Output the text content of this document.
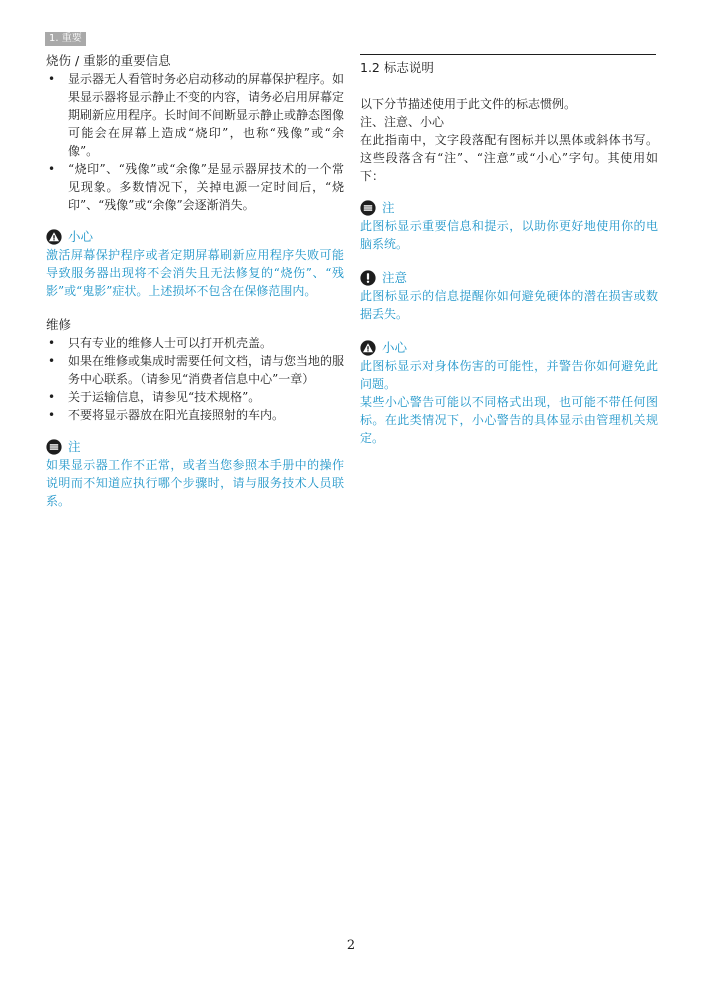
1. 重要

烧伤 / 重影的重要信息

• 显示器无人看管时务必启动移动的屏幕保护程序。如果显示器将显示静止不变的内容，请务必启用屏幕定期刷新应用程序。长时间不间断显示静止或静态图像可能会在屏幕上造成“烧印”，也称“残像”或“余像”。
• “烧印”、“残像”或“余像”是显示器屏技术的一个常见现象。多数情况下，关掉电源一定时间后，“烧印”、“残像”或“余像”会逐渐消失。
小心

激活屏幕保护程序或者定期屏幕刷新应用程序失败可能导致服务器出现将不会消失且无法修复的“烧伤”、“残影”或“鬼影”症状。上述损坏不包含在保修范围内。

维修

• 只有专业的维修人士可以打开机壳盖。
• 如果在维修或集成时需要任何文档，请与您当地的服务中心联系。（请参见“消费者信息中心”一章）
• 关于运输信息，请参见“技术规格”。
• 不要将显示器放在阳光直接照射的车内。
注

如果显示器工作不正常，或者当您参照本手册中的操作说明而不知道应执行哪个步骤时，请与服务技术人员联系。

1.2 标志说明

以下分节描述使用于此文件的标志惯例。

注、注意、小心

在此指南中，文字段落配有图标并以黑体或斜体书写。这些段落含有“注”、“注意”或“小心”字句。其使用如下：

注

此图标显示重要信息和提示，以助你更好地使用你的电脑系统。

注意

此图标显示的信息提醒你如何避免硬体的潜在损害或数据丢失。

小心

此图标显示对身体伤害的可能性，并警告你如何避免此问题。

某些小心警告可能以不同格式出现，也可能不带任何图标。在此类情况下，小心警告的具体显示由管理机关规定。

2
